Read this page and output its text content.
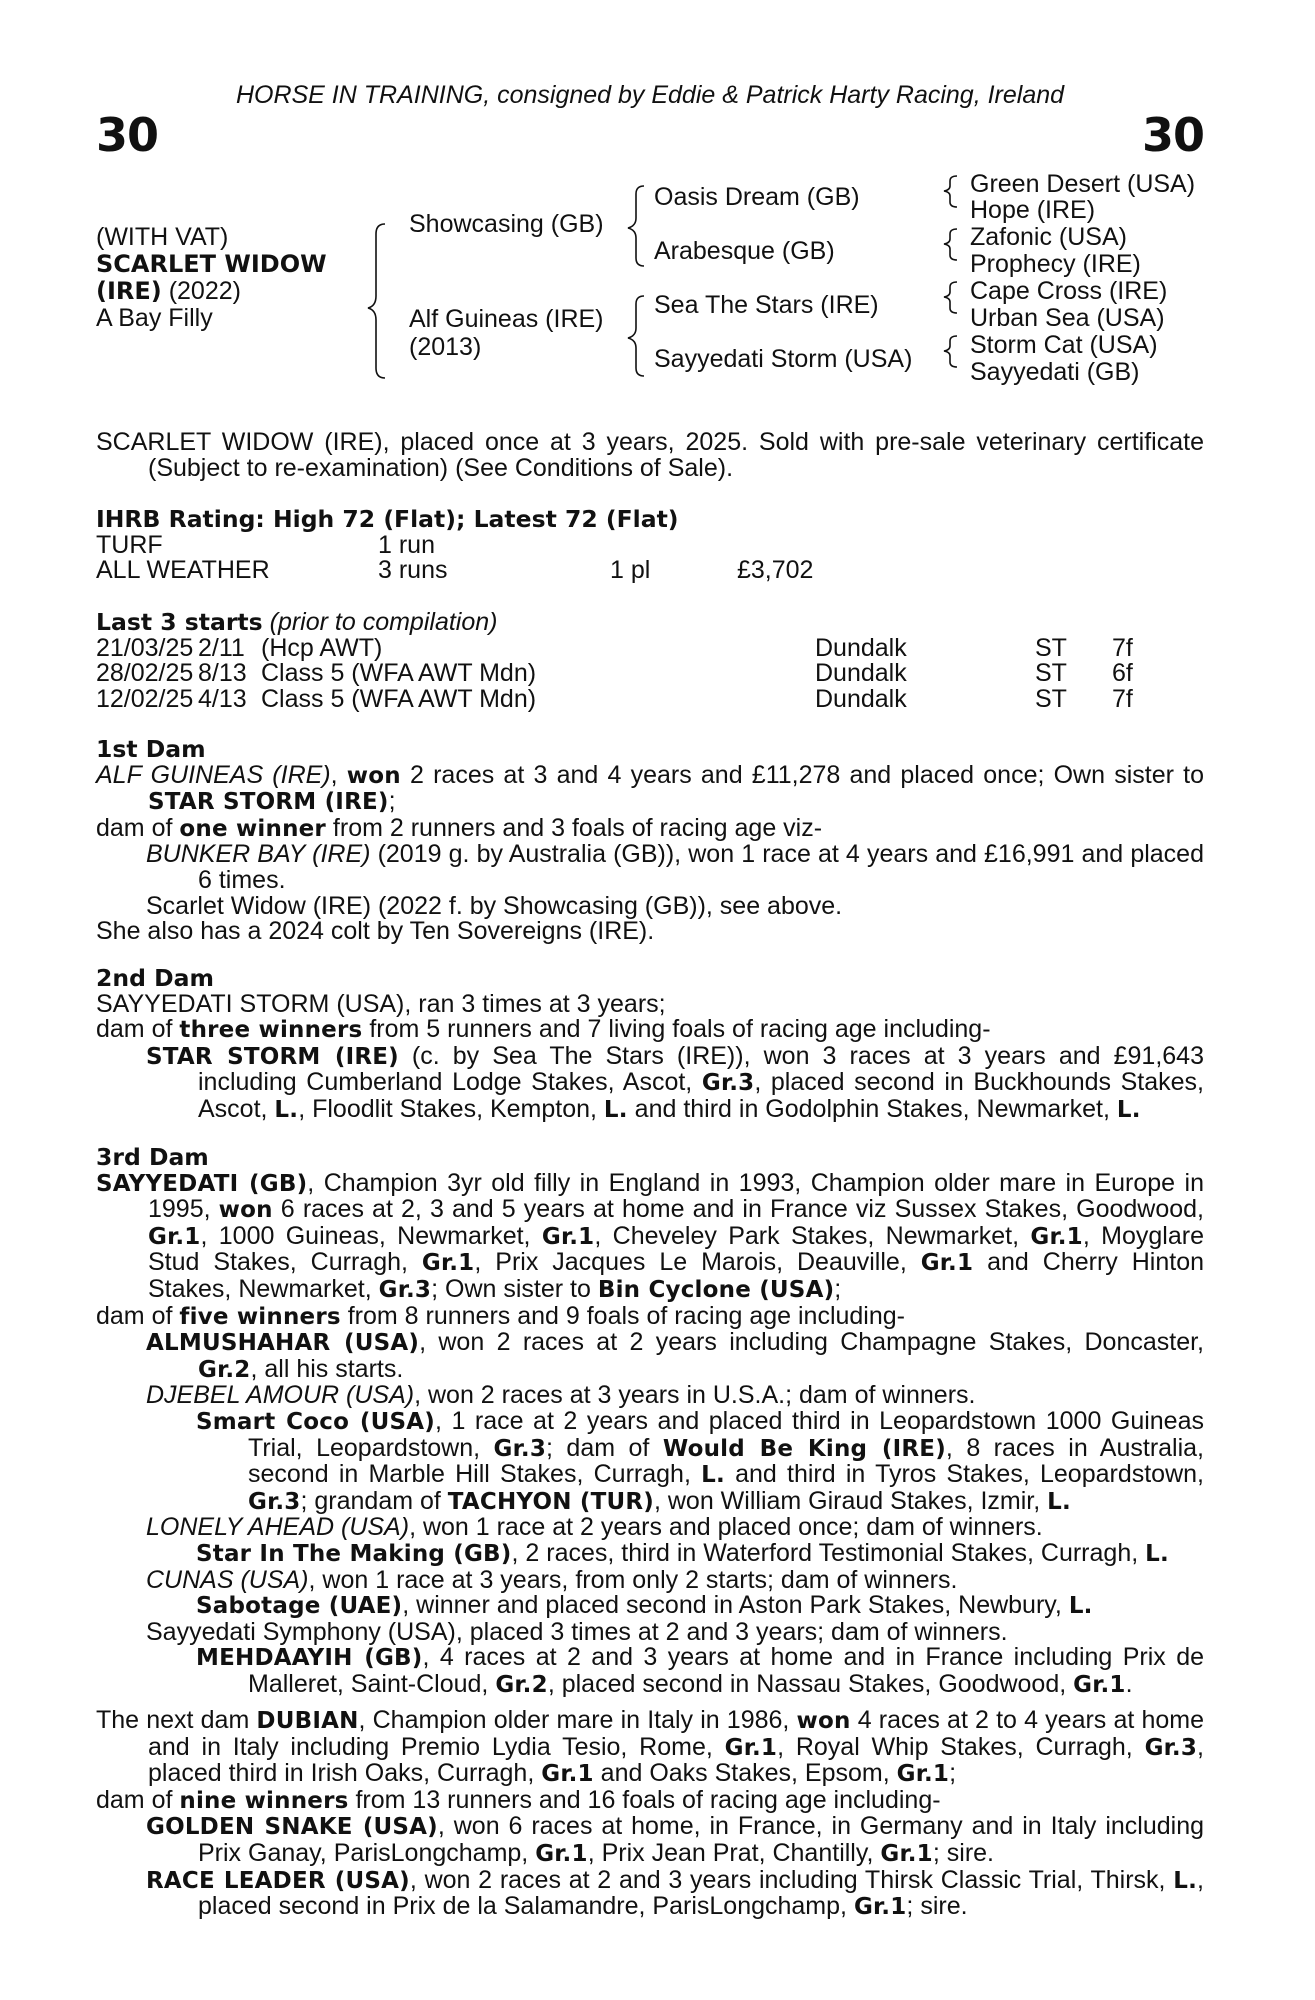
HORSE IN TRAINING, consigned by Eddie & Patrick Harty Racing, Ireland
30	30
(WITH VAT)
SCARLET WIDOW
(IRE) (2022)
A Bay Filly
Showcasing (GB)
Alf Guineas (IRE)
(2013)
Oasis Dream (GB)
Arabesque (GB)
Sea The Stars (IRE)
Sayyedati Storm (USA)
Green Desert (USA)
Hope (IRE)
Zafonic (USA)
Prophecy (IRE)
Cape Cross (IRE)
Urban Sea (USA)
Storm Cat (USA)
Sayyedati (GB)

SCARLET WIDOW (IRE), placed once at 3 years, 2025. Sold with pre-sale veterinary certificate (Subject to re-examination) (See Conditions of Sale).

IHRB Rating: High 72 (Flat); Latest 72 (Flat)
TURF	1 run
ALL WEATHER	3 runs	1 pl	£3,702
Last 3 starts (prior to compilation)
21/03/25 2/11 (Hcp AWT)	Dundalk	ST	7f
28/02/25 8/13 Class 5 (WFA AWT Mdn)	Dundalk	ST	6f
12/02/25 4/13 Class 5 (WFA AWT Mdn)	Dundalk	ST	7f
1st Dam

ALF GUINEAS (IRE), won 2 races at 3 and 4 years and £11,278 and placed once; Own sister to STAR STORM (IRE);

dam of one winner from 2 runners and 3 foals of racing age viz-

BUNKER BAY (IRE) (2019 g. by Australia (GB)), won 1 race at 4 years and £16,991 and placed 6 times.

Scarlet Widow (IRE) (2022 f. by Showcasing (GB)), see above.

She also has a 2024 colt by Ten Sovereigns (IRE).

2nd Dam

SAYYEDATI STORM (USA), ran 3 times at 3 years;

dam of three winners from 5 runners and 7 living foals of racing age including-

STAR STORM (IRE) (c. by Sea The Stars (IRE)), won 3 races at 3 years and £91,643 including Cumberland Lodge Stakes, Ascot, Gr.3, placed second in Buckhounds Stakes, Ascot, L., Floodlit Stakes, Kempton, L. and third in Godolphin Stakes, Newmarket, L.

3rd Dam

SAYYEDATI (GB), Champion 3yr old filly in England in 1993, Champion older mare in Europe in 1995, won 6 races at 2, 3 and 5 years at home and in France viz Sussex Stakes, Goodwood, Gr.1, 1000 Guineas, Newmarket, Gr.1, Cheveley Park Stakes, Newmarket, Gr.1, Moyglare Stud Stakes, Curragh, Gr.1, Prix Jacques Le Marois, Deauville, Gr.1 and Cherry Hinton Stakes, Newmarket, Gr.3; Own sister to Bin Cyclone (USA);

dam of five winners from 8 runners and 9 foals of racing age including-

ALMUSHAHAR (USA), won 2 races at 2 years including Champagne Stakes, Doncaster, Gr.2, all his starts.

DJEBEL AMOUR (USA), won 2 races at 3 years in U.S.A.; dam of winners.

Smart Coco (USA), 1 race at 2 years and placed third in Leopardstown 1000 Guineas Trial, Leopardstown, Gr.3; dam of Would Be King (IRE), 8 races in Australia, second in Marble Hill Stakes, Curragh, L. and third in Tyros Stakes, Leopardstown, Gr.3; grandam of TACHYON (TUR), won William Giraud Stakes, Izmir, L.

LONELY AHEAD (USA), won 1 race at 2 years and placed once; dam of winners.

Star In The Making (GB), 2 races, third in Waterford Testimonial Stakes, Curragh, L.

CUNAS (USA), won 1 race at 3 years, from only 2 starts; dam of winners.

Sabotage (UAE), winner and placed second in Aston Park Stakes, Newbury, L.

Sayyedati Symphony (USA), placed 3 times at 2 and 3 years; dam of winners.

MEHDAAYIH (GB), 4 races at 2 and 3 years at home and in France including Prix de Malleret, Saint-Cloud, Gr.2, placed second in Nassau Stakes, Goodwood, Gr.1.

The next dam DUBIAN, Champion older mare in Italy in 1986, won 4 races at 2 to 4 years at home and in Italy including Premio Lydia Tesio, Rome, Gr.1, Royal Whip Stakes, Curragh, Gr.3, placed third in Irish Oaks, Curragh, Gr.1 and Oaks Stakes, Epsom, Gr.1;

dam of nine winners from 13 runners and 16 foals of racing age including-

GOLDEN SNAKE (USA), won 6 races at home, in France, in Germany and in Italy including Prix Ganay, ParisLongchamp, Gr.1, Prix Jean Prat, Chantilly, Gr.1; sire.

RACE LEADER (USA), won 2 races at 2 and 3 years including Thirsk Classic Trial, Thirsk, L., placed second in Prix de la Salamandre, ParisLongchamp, Gr.1; sire.
